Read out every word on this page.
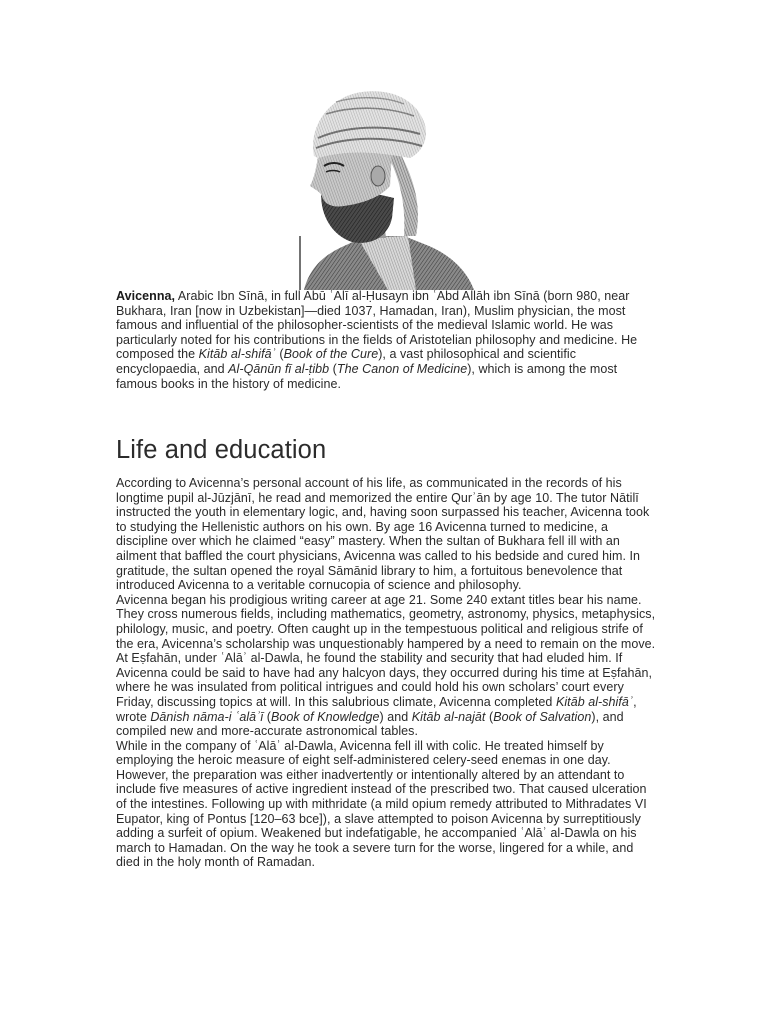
Avicenna, Arabic Ibn Sīnā, in full Abū ʿAlī al-Ḥusayn ibn ʿAbd Allāh ibn Sīnā (born 980, near Bukhara, Iran [now in Uzbekistan]—died 1037, Hamadan, Iran), Muslim physician, the most famous and influential of the philosopher-scientists of the medieval Islamic world. He was particularly noted for his contributions in the fields of Aristotelian philosophy and medicine. He composed the Kitāb al-shifāʾ (Book of the Cure), a vast philosophical and scientific encyclopaedia, and Al-Qānūn fī al-ṭibb (The Canon of Medicine), which is among the most famous books in the history of medicine.
Life and education

According to Avicenna’s personal account of his life, as communicated in the records of his longtime pupil al-Jūzjānī, he read and memorized the entire Qurʾān by age 10. The tutor Nātilī instructed the youth in elementary logic, and, having soon surpassed his teacher, Avicenna took to studying the Hellenistic authors on his own. By age 16 Avicenna turned to medicine, a discipline over which he claimed “easy” mastery. When the sultan of Bukhara fell ill with an ailment that baffled the court physicians, Avicenna was called to his bedside and cured him. In gratitude, the sultan opened the royal Sāmānid library to him, a fortuitous benevolence that introduced Avicenna to a veritable cornucopia of science and philosophy.

Avicenna began his prodigious writing career at age 21. Some 240 extant titles bear his name. They cross numerous fields, including mathematics, geometry, astronomy, physics, metaphysics, philology, music, and poetry. Often caught up in the tempestuous political and religious strife of the era, Avicenna’s scholarship was unquestionably hampered by a need to remain on the move. At Eṣfahān, under ʿAlāʾ al-Dawla, he found the stability and security that had eluded him. If Avicenna could be said to have had any halcyon days, they occurred during his time at Eṣfahān, where he was insulated from political intrigues and could hold his own scholars’ court every Friday, discussing topics at will. In this salubrious climate, Avicenna completed Kitāb al-shifāʾ, wrote Dānish nāma-i ʿalāʾī (Book of Knowledge) and Kitāb al-najāt (Book of Salvation), and compiled new and more-accurate astronomical tables.

While in the company of ʿAlāʾ al-Dawla, Avicenna fell ill with colic. He treated himself by employing the heroic measure of eight self-administered celery-seed enemas in one day. However, the preparation was either inadvertently or intentionally altered by an attendant to include five measures of active ingredient instead of the prescribed two. That caused ulceration of the intestines. Following up with mithridate (a mild opium remedy attributed to Mithradates VI Eupator, king of Pontus [120–63 bce]), a slave attempted to poison Avicenna by surreptitiously adding a surfeit of opium. Weakened but indefatigable, he accompanied ʿAlāʾ al-Dawla on his march to Hamadan. On the way he took a severe turn for the worse, lingered for a while, and died in the holy month of Ramadan.
